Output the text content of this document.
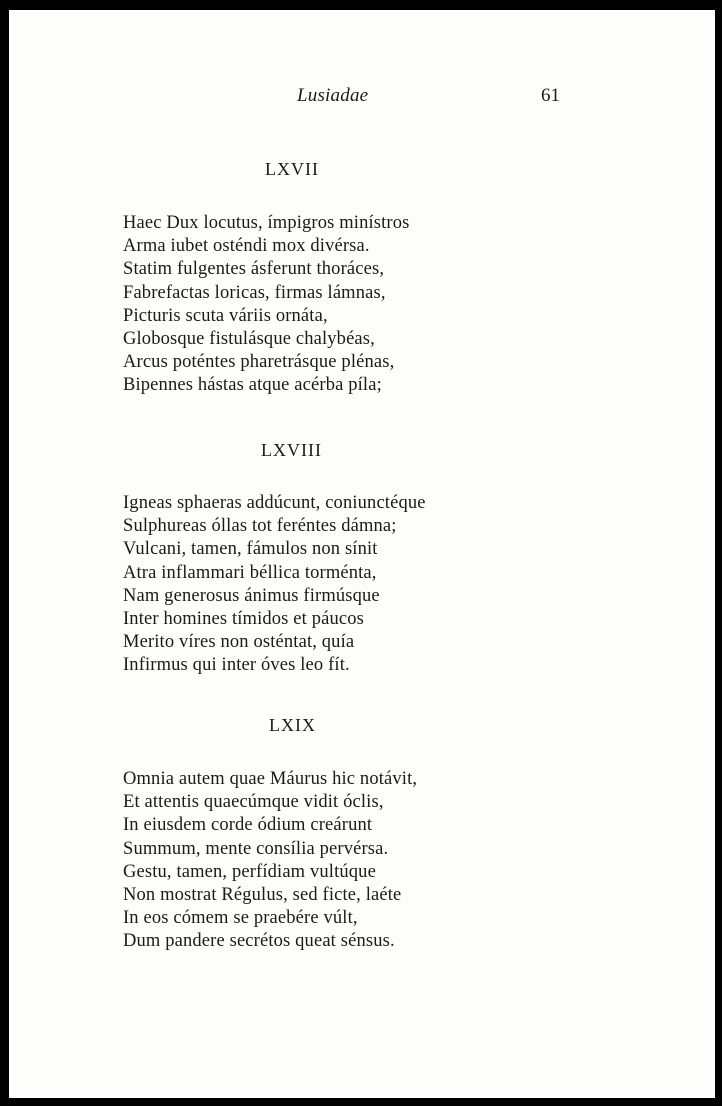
Lusiadae	61
LXVII
Haec Dux locutus, ímpigros minístros
Arma iubet osténdi mox divérsa.
Statim fulgentes ásferunt thoráces,
Fabrefactas loricas, firmas lámnas,
Picturis scuta váriis ornáta,
Globosque fistulásque chalybéas,
Arcus poténtes pharetrásque plénas,
Bipennes hástas atque acérba píla;
LXVIII
Igneas sphaeras addúcunt, coniunctéque
Sulphureas óllas tot feréntes dámna;
Vulcani, tamen, fámulos non sínit
Atra inflammari béllica torménta,
Nam generosus ánimus firmúsque
Inter homines tímidos et páucos
Merito víres non osténtat, quía
Infirmus qui inter óves leo fít.
LXIX
Omnia autem quae Máurus hic notávit,
Et attentis quaecúmque vidit óclis,
In eiusdem corde ódium creárunt
Summum, mente consília pervérsa.
Gestu, tamen, perfídiam vultúque
Non mostrat Régulus, sed ficte, laéte
In eos cómem se praebére vúlt,
Dum pandere secrétos queat sénsus.
